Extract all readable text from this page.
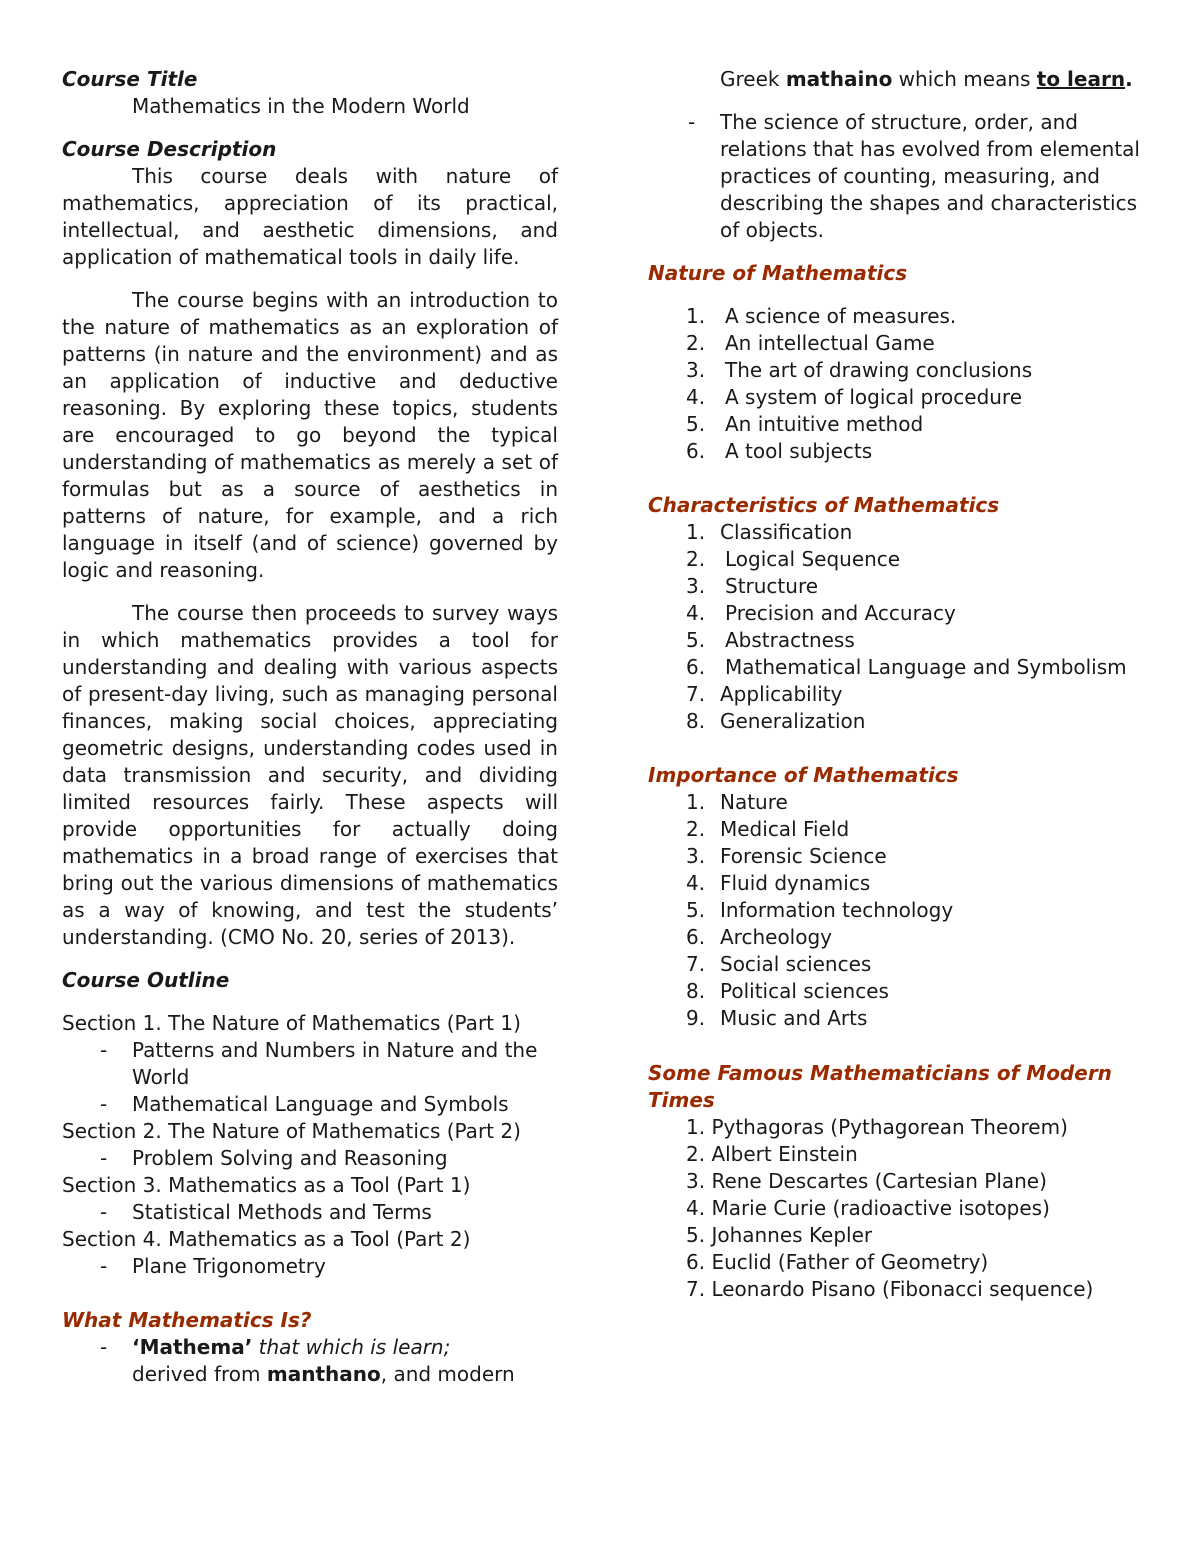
Course Title

Mathematics in the Modern World

Course Description

This course deals with nature of mathematics, appreciation of its practical, intellectual, and aesthetic dimensions, and application of mathematical tools in daily life.

The course begins with an introduction to the nature of mathematics as an exploration of patterns (in nature and the environment) and as an application of inductive and deductive reasoning. By exploring these topics, students are encouraged to go beyond the typical understanding of mathematics as merely a set of formulas but as a source of aesthetics in patterns of nature, for example, and a rich language in itself (and of science) governed by logic and reasoning.

The course then proceeds to survey ways in which mathematics provides a tool for understanding and dealing with various aspects of present-day living, such as managing personal finances, making social choices, appreciating geometric designs, understanding codes used in data transmission and security, and dividing limited resources fairly. These aspects will provide opportunities for actually doing mathematics in a broad range of exercises that bring out the various dimensions of mathematics as a way of knowing, and test the students’ understanding. (CMO No. 20, series of 2013).

Course Outline

Section 1. The Nature of Mathematics (Part 1)

- Patterns and Numbers in Nature and the World
- Mathematical Language and Symbols

Section 2. The Nature of Mathematics (Part 2)

- Problem Solving and Reasoning

Section 3. Mathematics as a Tool (Part 1)

- Statistical Methods and Terms

Section 4. Mathematics as a Tool (Part 2)

- Plane Trigonometry

What Mathematics Is?

- ‘Mathema’ that which is learn;
derived from manthano, and modern

Greek mathaino which means to learn.

- The science of structure, order, and relations that has evolved from elemental practices of counting, measuring, and describing the shapes and characteristics of objects.

Nature of Mathematics

1. A science of measures.
2. An intellectual Game
3. The art of drawing conclusions
4. A system of logical procedure
5. An intuitive method
6. A tool subjects

Characteristics of Mathematics

1. Classification
2. Logical Sequence
3. Structure
4. Precision and Accuracy
5. Abstractness
6. Mathematical Language and Symbolism
7. Applicability
8. Generalization

Importance of Mathematics

1. Nature
2. Medical Field
3. Forensic Science
4. Fluid dynamics
5. Information technology
6. Archeology
7. Social sciences
8. Political sciences
9. Music and Arts

Some Famous Mathematicians of Modern Times

1. Pythagoras (Pythagorean Theorem)
2. Albert Einstein
3. Rene Descartes (Cartesian Plane)
4. Marie Curie (radioactive isotopes)
5. Johannes Kepler
6. Euclid (Father of Geometry)
7. Leonardo Pisano (Fibonacci sequence)
